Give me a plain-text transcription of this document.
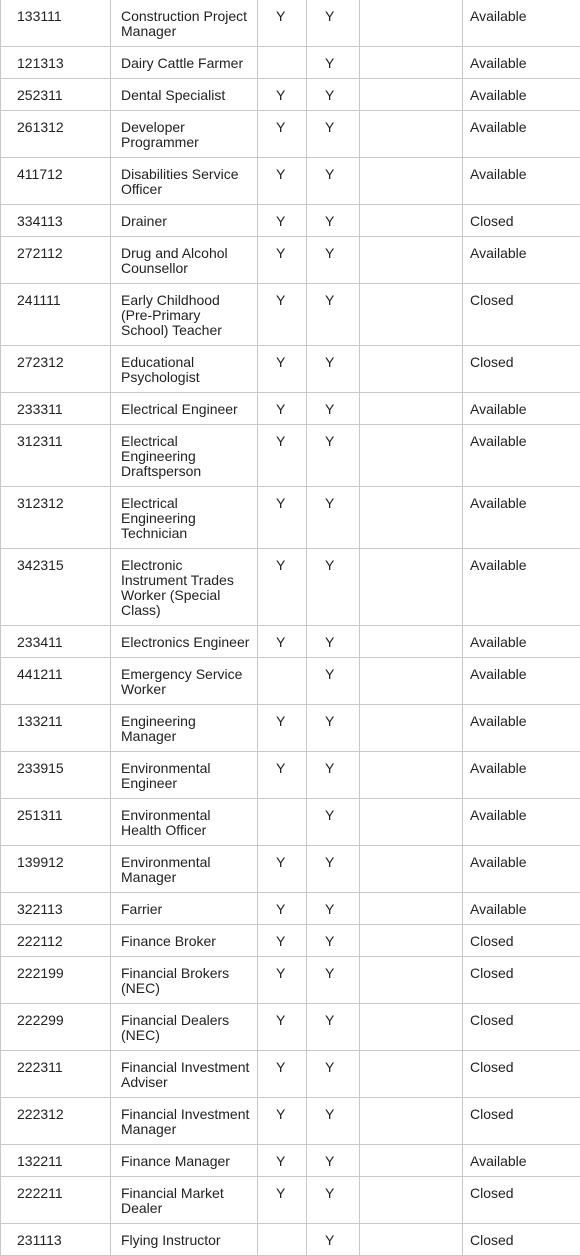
133111	Construction Project Manager	Y	Y		Available
121313	Dairy Cattle Farmer		Y		Available
252311	Dental Specialist	Y	Y		Available
261312	Developer Programmer	Y	Y		Available
411712	Disabilities Service Officer	Y	Y		Available
334113	Drainer	Y	Y		Closed
272112	Drug and Alcohol Counsellor	Y	Y		Available
241111	Early Childhood (Pre-Primary School) Teacher	Y	Y		Closed
272312	Educational Psychologist	Y	Y		Closed
233311	Electrical Engineer	Y	Y		Available
312311	Electrical Engineering Draftsperson	Y	Y		Available
312312	Electrical Engineering Technician	Y	Y		Available
342315	Electronic Instrument Trades Worker (Special Class)	Y	Y		Available
233411	Electronics Engineer	Y	Y		Available
441211	Emergency Service Worker		Y		Available
133211	Engineering Manager	Y	Y		Available
233915	Environmental Engineer	Y	Y		Available
251311	Environmental Health Officer		Y		Available
139912	Environmental Manager	Y	Y		Available
322113	Farrier	Y	Y		Available
222112	Finance Broker	Y	Y		Closed
222199	Financial Brokers (NEC)	Y	Y		Closed
222299	Financial Dealers (NEC)	Y	Y		Closed
222311	Financial Investment Adviser	Y	Y		Closed
222312	Financial Investment Manager	Y	Y		Closed
132211	Finance Manager	Y	Y		Available
222211	Financial Market Dealer	Y	Y		Closed
231113	Flying Instructor		Y		Closed
